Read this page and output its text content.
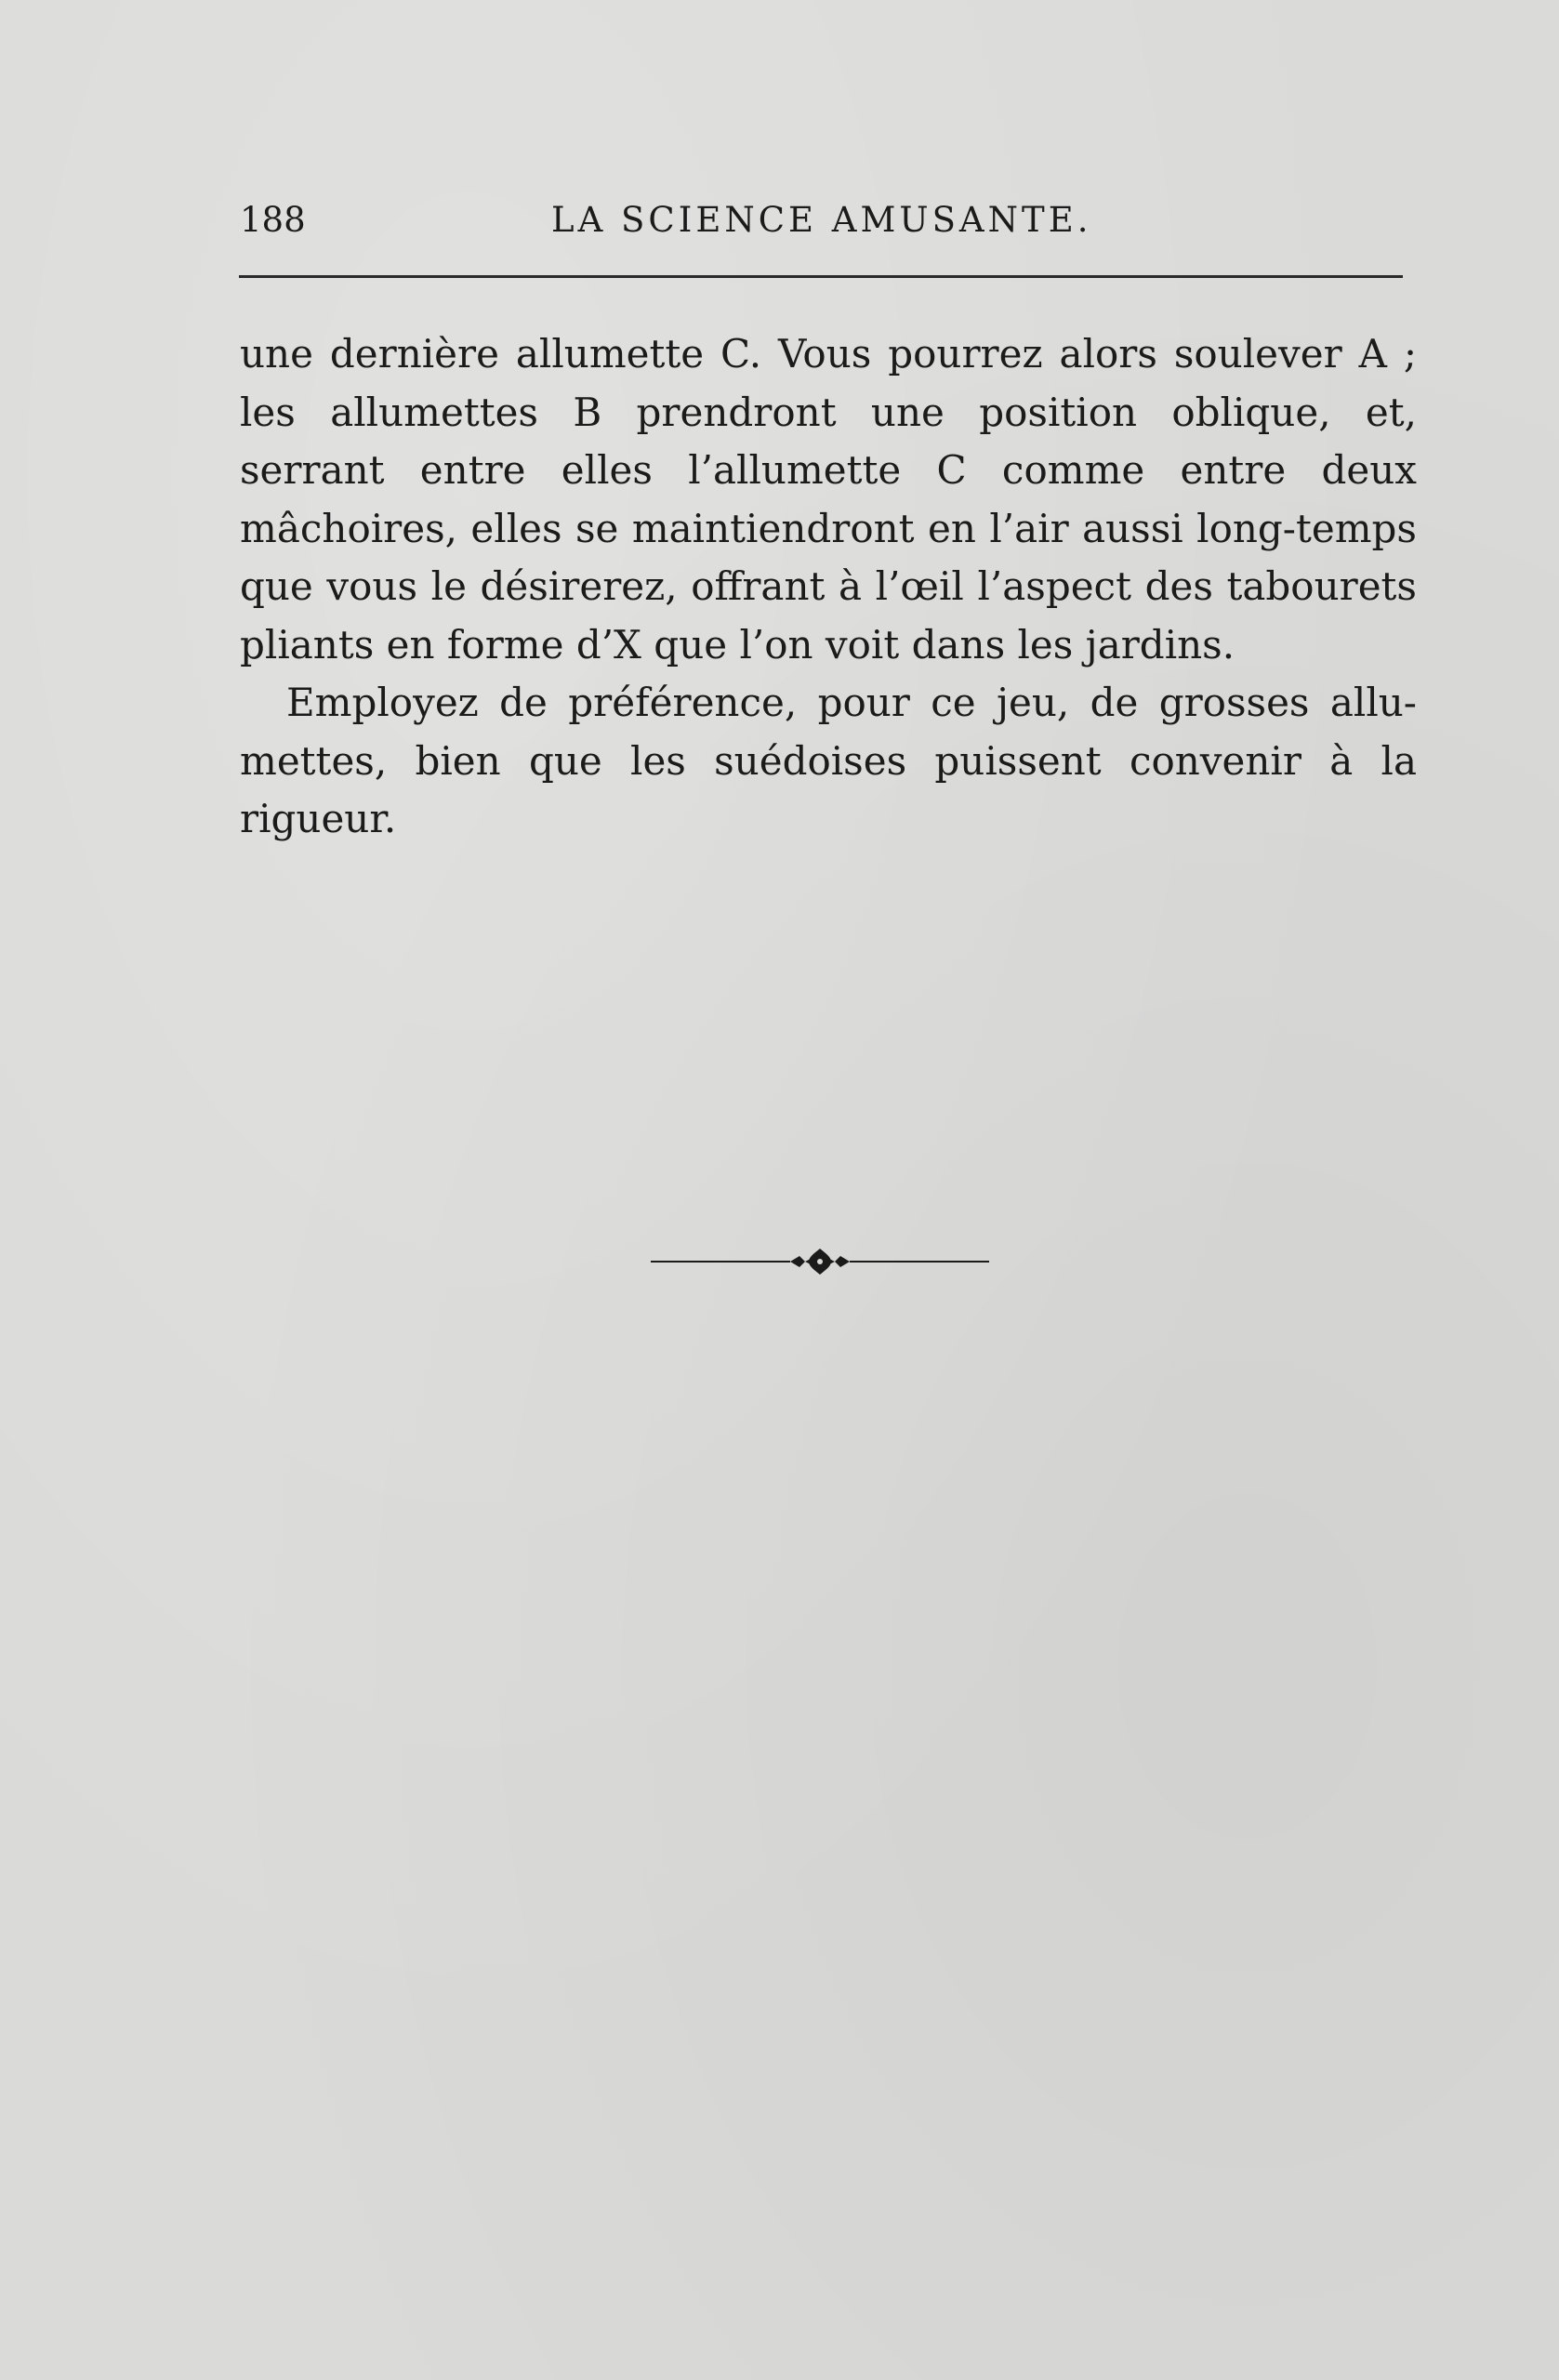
188	LA SCIENCE AMUSANTE.

une dernière allumette C. Vous pourrez alors soulever A ; les allumettes B prendront une position oblique, et, serrant entre elles l’allumette C comme entre deux mâchoires, elles se maintiendront en l’air aussi long-temps que vous le désirerez, offrant à l’œil l’aspect des tabourets pliants en forme d’X que l’on voit dans les jardins.

Employez de préférence, pour ce jeu, de grosses allu-mettes, bien que les suédoises puissent convenir à la rigueur.
